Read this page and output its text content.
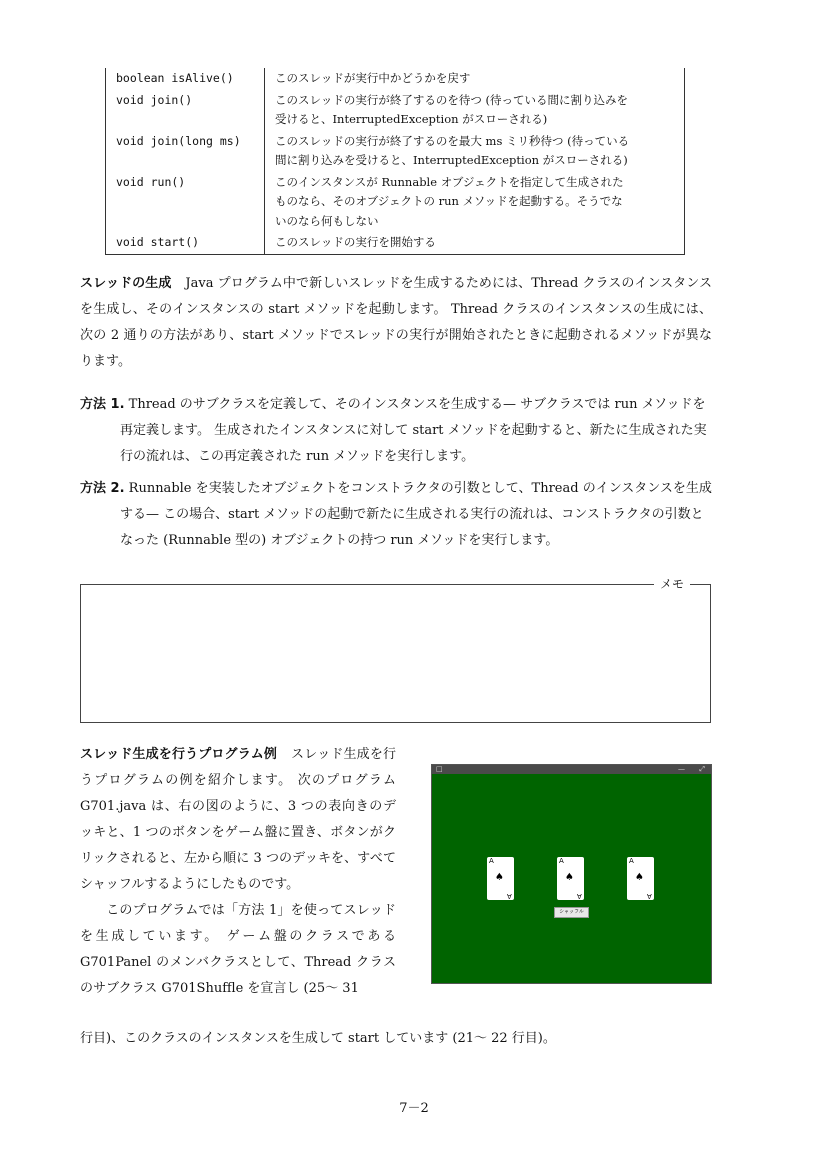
boolean isAlive()	このスレッドが実行中かどうかを戻す

void join()	このスレッドの実行が終了するのを待つ (待っている間に割り込みを
受けると、InterruptedException がスローされる)

void join(long ms)	このスレッドの実行が終了するのを最大 ms ミリ秒待つ (待っている
間に割り込みを受けると、InterruptedException がスローされる)

void run()	このインスタンスが Runnable オブジェクトを指定して生成された
ものなら、そのオブジェクトの run メソッドを起動する。そうでな
いのなら何もしない

void start()	このスレッドの実行を開始する
スレッドの生成 Java プログラム中で新しいスレッドを生成するためには、Thread クラスのインスタンスを生成し、そのインスタンスの start メソッドを起動します。 Thread クラスのインスタンスの生成には、次の 2 通りの方法があり、start メソッドでスレッドの実行が開始されたときに起動されるメソッドが異なります。
方法 1. Thread のサブクラスを定義して、そのインスタンスを生成する— サブクラスでは run メソッドを再定義します。 生成されたインスタンスに対して start メソッドを起動すると、新たに生成された実行の流れは、この再定義された run メソッドを実行します。
方法 2. Runnable を実装したオブジェクトをコンストラクタの引数として、Thread のインスタンスを生成する— この場合、start メソッドの起動で新たに生成される実行の流れは、コンストラクタの引数となった (Runnable 型の) オブジェクトの持つ run メソッドを実行します。
メモ
スレッド生成を行うプログラム例 スレッド生成を行うプログラムの例を紹介します。 次のプログラム G701.java は、右の図のように、3 つの表向きのデッキと、1 つのボタンをゲーム盤に置き、ボタンがクリックされると、左から順に 3 つのデッキを、すべてシャッフルするようにしたものです。
このプログラムでは「方法 1」を使ってスレッドを生成しています。 ゲーム盤のクラスである G701Panel のメンバクラスとして、Thread クラスのサブクラス G701Shuffle を宣言し (25～ 31
行目)、このクラスのインスタンスを生成して start しています (21～ 22 行目)。
□	— ⤢
A
♠
A
A
♠
A
A
♠
A
シャッフル
7－2
